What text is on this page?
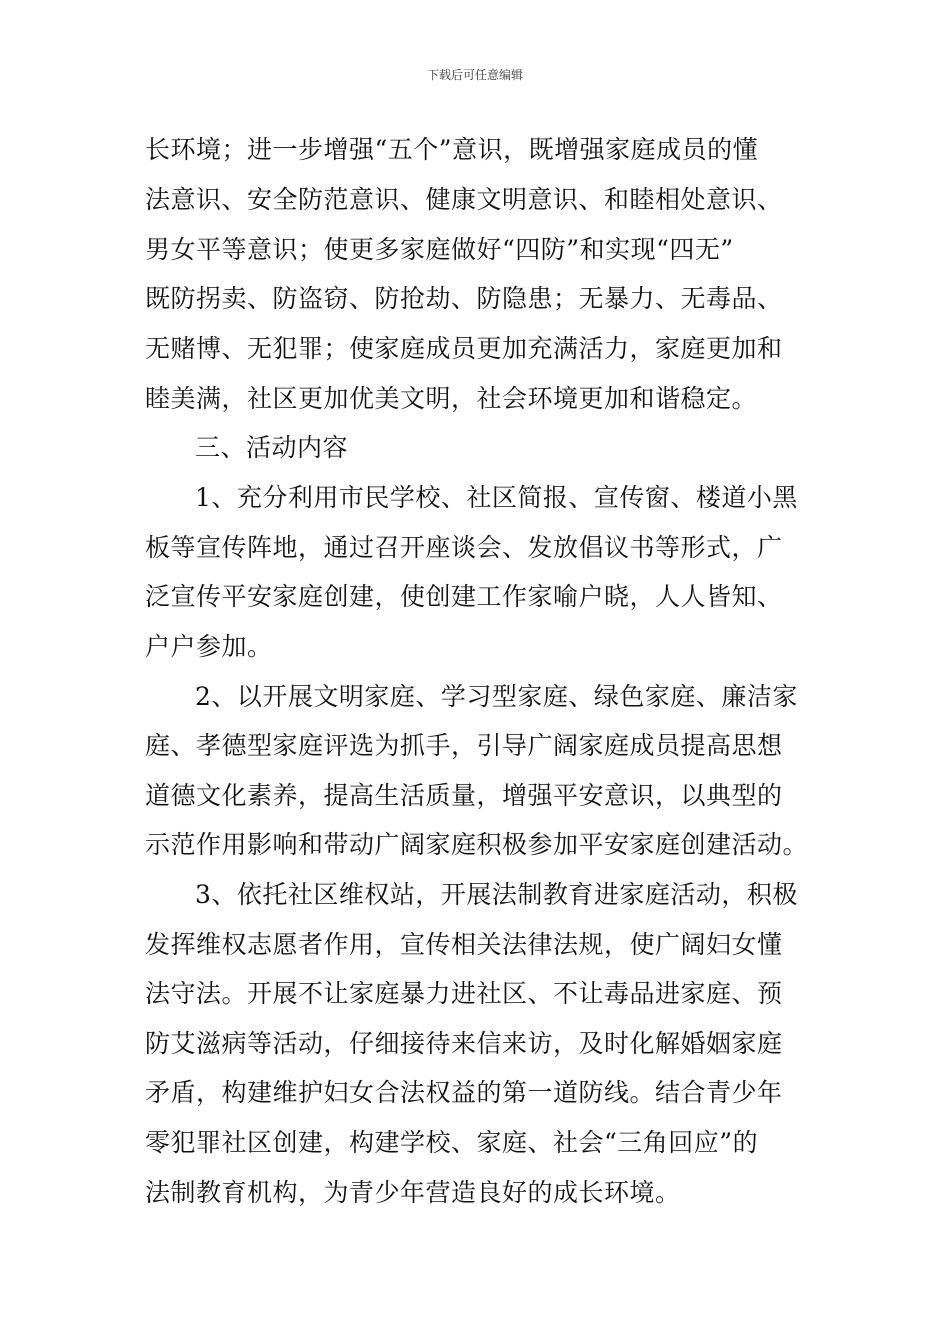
下载后可任意编辑
长环境；进一步增强“五个”意识，既增强家庭成员的懂
法意识、安全防范意识、健康文明意识、和睦相处意识、
男女平等意识；使更多家庭做好“四防”和实现“四无”
既防拐卖、防盗窃、防抢劫、防隐患；无暴力、无毒品、
无赌博、无犯罪；使家庭成员更加充满活力，家庭更加和
睦美满，社区更加优美文明，社会环境更加和谐稳定。
三、活动内容
1、充分利用市民学校、社区简报、宣传窗、楼道小黑
板等宣传阵地，通过召开座谈会、发放倡议书等形式，广
泛宣传平安家庭创建，使创建工作家喻户晓，人人皆知、
户户参加。
2、以开展文明家庭、学习型家庭、绿色家庭、廉洁家
庭、孝德型家庭评选为抓手，引导广阔家庭成员提高思想
道德文化素养，提高生活质量，增强平安意识，以典型的
示范作用影响和带动广阔家庭积极参加平安家庭创建活动。
3、依托社区维权站，开展法制教育进家庭活动，积极
发挥维权志愿者作用，宣传相关法律法规，使广阔妇女懂
法守法。开展不让家庭暴力进社区、不让毒品进家庭、预
防艾滋病等活动，仔细接待来信来访，及时化解婚姻家庭
矛盾，构建维护妇女合法权益的第一道防线。结合青少年
零犯罪社区创建，构建学校、家庭、社会“三角回应”的
法制教育机构，为青少年营造良好的成长环境。
